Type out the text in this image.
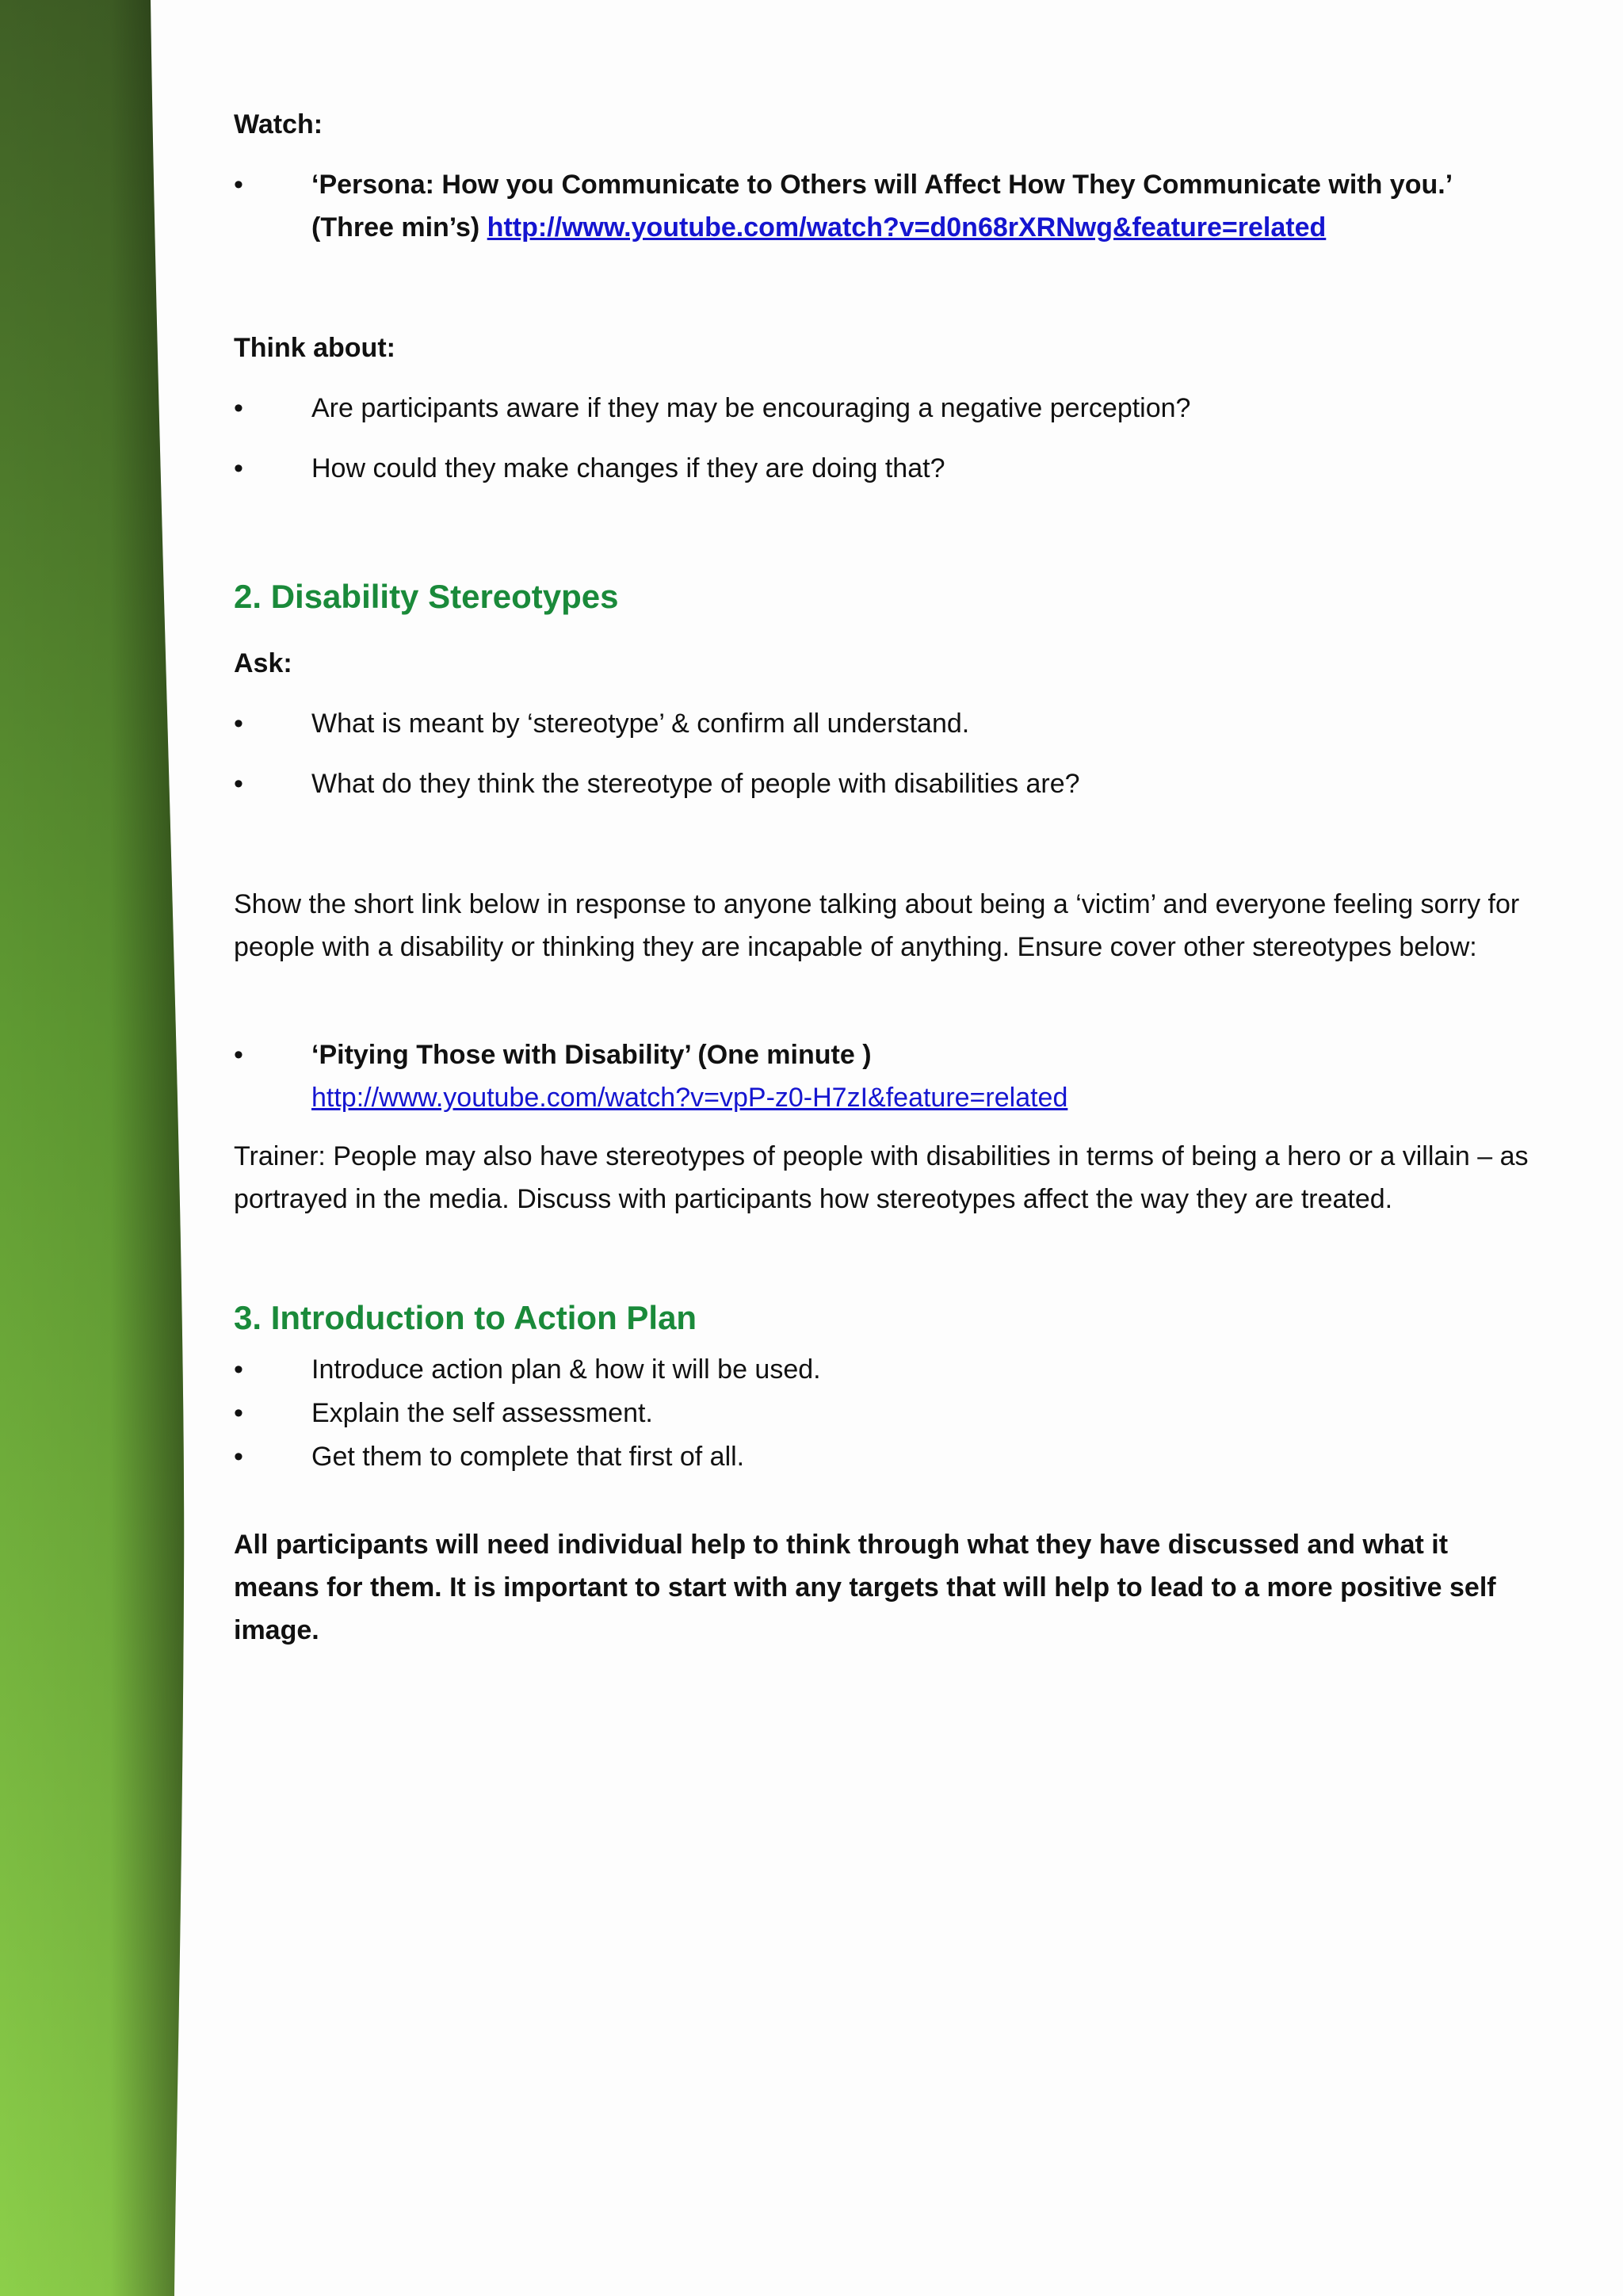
Watch:
•	‘Persona: How you Communicate to Others will Affect How They Communicate with you.’ (Three min’s) http://www.youtube.com/watch?v=d0n68rXRNwg&feature=related
Think about:
•	Are participants aware if they may be encouraging a negative perception?
•	How could they make changes if they are doing that?
2. Disability Stereotypes
Ask:
•	What is meant by ‘stereotype’ & confirm all understand.
•	What do they think the stereotype of people with disabilities are?
Show the short link below in response to anyone talking about being a ‘victim’ and everyone feeling sorry for people with a disability or thinking they are incapable of anything. Ensure cover other stereotypes below:
•	‘Pitying Those with Disability’ (One minute )
http://www.youtube.com/watch?v=vpP-z0-H7zI&feature=related
Trainer: People may also have stereotypes of people with disabilities in terms of being a hero or a villain – as portrayed in the media. Discuss with participants how stereotypes affect the way they are treated.
3. Introduction to Action Plan
•	Introduce action plan & how it will be used.
•	Explain the self assessment.
•	Get them to complete that first of all.
All participants will need individual help to think through what they have discussed and what it means for them. It is important to start with any targets that will help to lead to a more positive self image.
